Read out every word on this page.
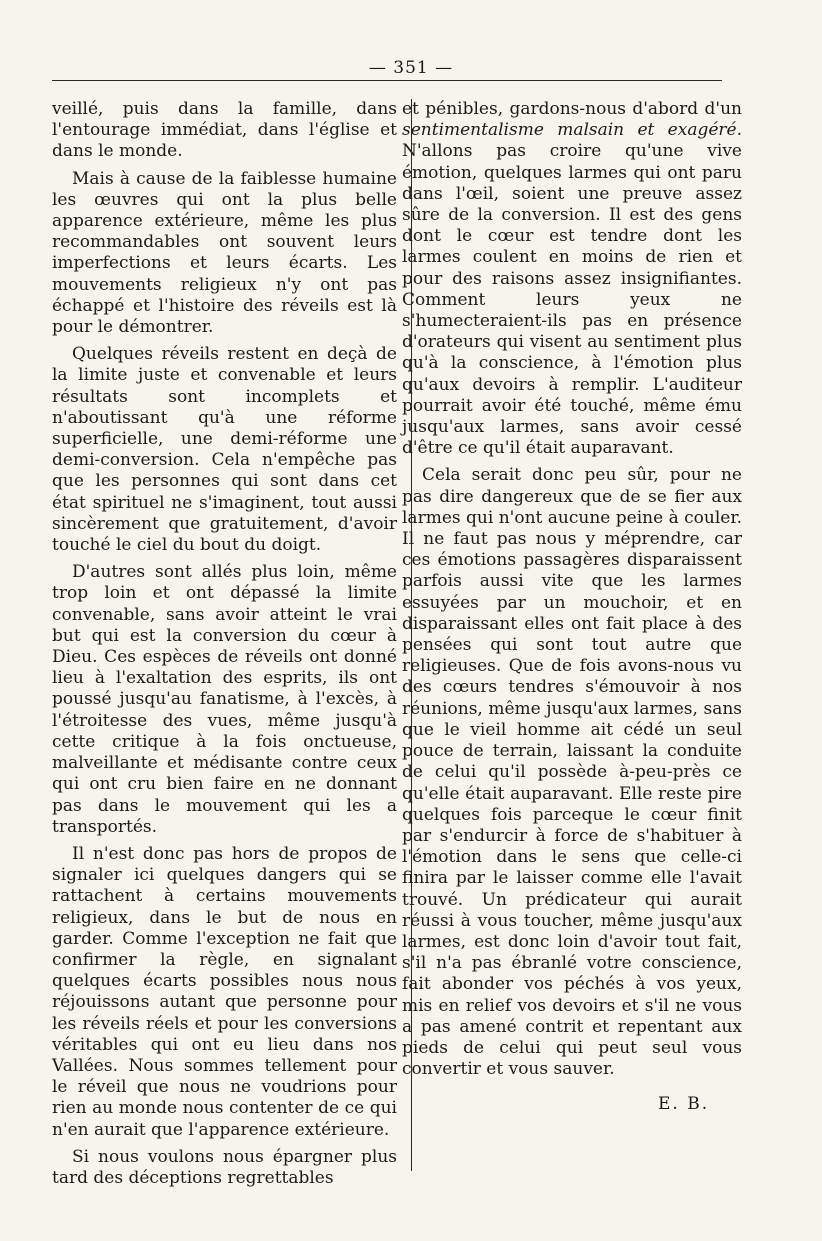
— 351 —

veillé, puis dans la famille, dans l'entourage immédiat, dans l'église et dans le monde.

Mais à cause de la faiblesse humaine les œuvres qui ont la plus belle apparence extérieure, même les plus recommandables ont souvent leurs imperfections et leurs écarts. Les mouvements religieux n'y ont pas échappé et l'histoire des réveils est là pour le démontrer.

Quelques réveils restent en deçà de la limite juste et convenable et leurs résultats sont incomplets et n'aboutissant qu'à une réforme superficielle, une demi-réforme une demi-conversion. Cela n'empêche pas que les personnes qui sont dans cet état spirituel ne s'imaginent, tout aussi sincèrement que gratuitement, d'avoir touché le ciel du bout du doigt.

D'autres sont allés plus loin, même trop loin et ont dépassé la limite convenable, sans avoir atteint le vrai but qui est la conversion du cœur à Dieu. Ces espèces de réveils ont donné lieu à l'exaltation des esprits, ils ont poussé jusqu'au fanatisme, à l'excès, à l'étroitesse des vues, même jusqu'à cette critique à la fois onctueuse, malveillante et médisante contre ceux qui ont cru bien faire en ne donnant pas dans le mouvement qui les a transportés.

Il n'est donc pas hors de propos de signaler ici quelques dangers qui se rattachent à certains mouvements religieux, dans le but de nous en garder. Comme l'exception ne fait que confirmer la règle, en signalant quelques écarts possibles nous nous réjouissons autant que personne pour les réveils réels et pour les conversions véritables qui ont eu lieu dans nos Vallées. Nous sommes tellement pour le réveil que nous ne voudrions pour rien au monde nous contenter de ce qui n'en aurait que l'apparence extérieure.

Si nous voulons nous épargner plus tard des déceptions regrettables

et pénibles, gardons-nous d'abord d'un sentimentalisme malsain et exagéré. N'allons pas croire qu'une vive émotion, quelques larmes qui ont paru dans l'œil, soient une preuve assez sûre de la conversion. Il est des gens dont le cœur est tendre dont les larmes coulent en moins de rien et pour des raisons assez insignifiantes. Comment leurs yeux ne s'humecteraient-ils pas en présence d'orateurs qui visent au sentiment plus qu'à la conscience, à l'émotion plus qu'aux devoirs à remplir. L'auditeur pourrait avoir été touché, même ému jusqu'aux larmes, sans avoir cessé d'être ce qu'il était auparavant.

Cela serait donc peu sûr, pour ne pas dire dangereux que de se fier aux larmes qui n'ont aucune peine à couler. Il ne faut pas nous y méprendre, car ces émotions passagères disparaissent parfois aussi vite que les larmes essuyées par un mouchoir, et en disparaissant elles ont fait place à des pensées qui sont tout autre que religieuses. Que de fois avons-nous vu des cœurs tendres s'émouvoir à nos réunions, même jusqu'aux larmes, sans que le vieil homme ait cédé un seul pouce de terrain, laissant la conduite de celui qu'il possède à-peu-près ce qu'elle était auparavant. Elle reste pire quelques fois parceque le cœur finit par s'endurcir à force de s'habituer à l'émotion dans le sens que celle-ci finira par le laisser comme elle l'avait trouvé. Un prédicateur qui aurait réussi à vous toucher, même jusqu'aux larmes, est donc loin d'avoir tout fait, s'il n'a pas ébranlé votre conscience, fait abonder vos péchés à vos yeux, mis en relief vos devoirs et s'il ne vous a pas amené contrit et repentant aux pieds de celui qui peut seul vous convertir et vous sauver.

E. B.
